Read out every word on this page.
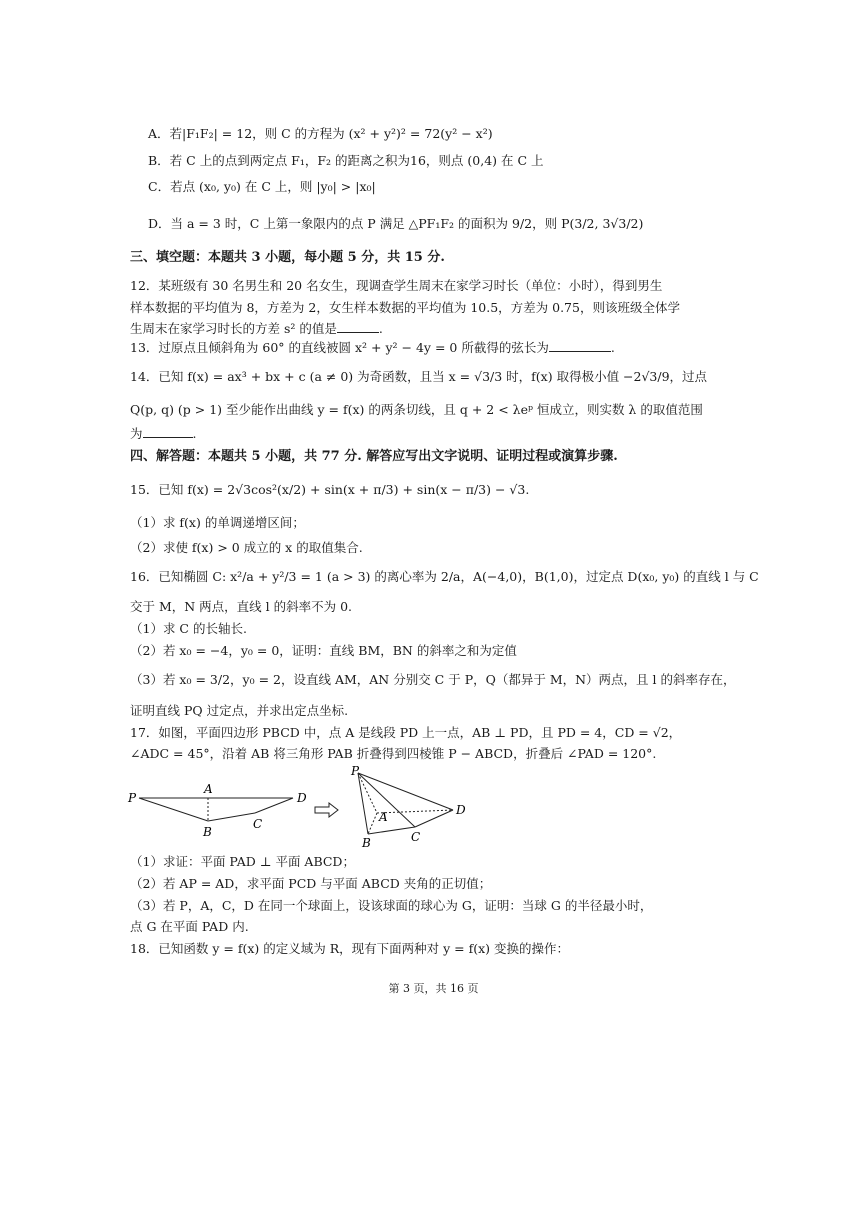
A．若|F₁F₂| = 12，则 C 的方程为 (x² + y²)² = 72(y² − x²)
B．若 C 上的点到两定点 F₁，F₂ 的距离之积为16，则点 (0,4) 在 C 上
C．若点 (x₀, y₀) 在 C 上，则 |y₀| > |x₀|
D．当 a = 3 时，C 上第一象限内的点 P 满足 △PF₁F₂ 的面积为 9/2，则 P(3/2, 3√3/2)
三、填空题：本题共 3 小题，每小题 5 分，共 15 分.
12．某班级有 30 名男生和 20 名女生，现调查学生周末在家学习时长（单位：小时），得到男生
样本数据的平均值为 8，方差为 2，女生样本数据的平均值为 10.5，方差为 0.75，则该班级全体学
生周末在家学习时长的方差 s² 的值是	.
13．过原点且倾斜角为 60° 的直线被圆 x² + y² − 4y = 0 所截得的弦长为	.
14．已知 f(x) = ax³ + bx + c (a ≠ 0) 为奇函数，且当 x = √3/3 时，f(x) 取得极小值 −2√3/9，过点
Q(p, q) (p > 1) 至少能作出曲线 y = f(x) 的两条切线，且 q + 2 < λeᵖ 恒成立，则实数 λ 的取值范围
为	.
四、解答题：本题共 5 小题，共 77 分. 解答应写出文字说明、证明过程或演算步骤.
15．已知 f(x) = 2√3cos²(x/2) + sin(x + π/3) + sin(x − π/3) − √3.
（1）求 f(x) 的单调递增区间；
（2）求使 f(x) > 0 成立的 x 的取值集合.
16．已知椭圆 C: x²/a + y²/3 = 1 (a > 3) 的离心率为 2/a，A(−4,0)，B(1,0)，过定点 D(x₀, y₀) 的直线 l 与 C
交于 M，N 两点，直线 l 的斜率不为 0.
（1）求 C 的长轴长.
（2）若 x₀ = −4，y₀ = 0，证明：直线 BM，BN 的斜率之和为定值
（3）若 x₀ = 3/2，y₀ = 2，设直线 AM，AN 分别交 C 于 P，Q（都异于 M，N）两点，且 l 的斜率存在，
证明直线 PQ 过定点，并求出定点坐标.
17．如图，平面四边形 PBCD 中，点 A 是线段 PD 上一点，AB ⊥ PD，且 PD = 4，CD = √2，
∠ADC = 45°，沿着 AB 将三角形 PAB 折叠得到四棱锥 P − ABCD，折叠后 ∠PAD = 120°.
P
A
D
B
C
P
A	D
B	C
（1）求证：平面 PAD ⊥ 平面 ABCD；
（2）若 AP = AD，求平面 PCD 与平面 ABCD 夹角的正切值；
（3）若 P，A，C，D 在同一个球面上，设该球面的球心为 G，证明：当球 G 的半径最小时，
点 G 在平面 PAD 内.
18．已知函数 y = f(x) 的定义域为 R，现有下面两种对 y = f(x) 变换的操作：
第 3 页，共 16 页
